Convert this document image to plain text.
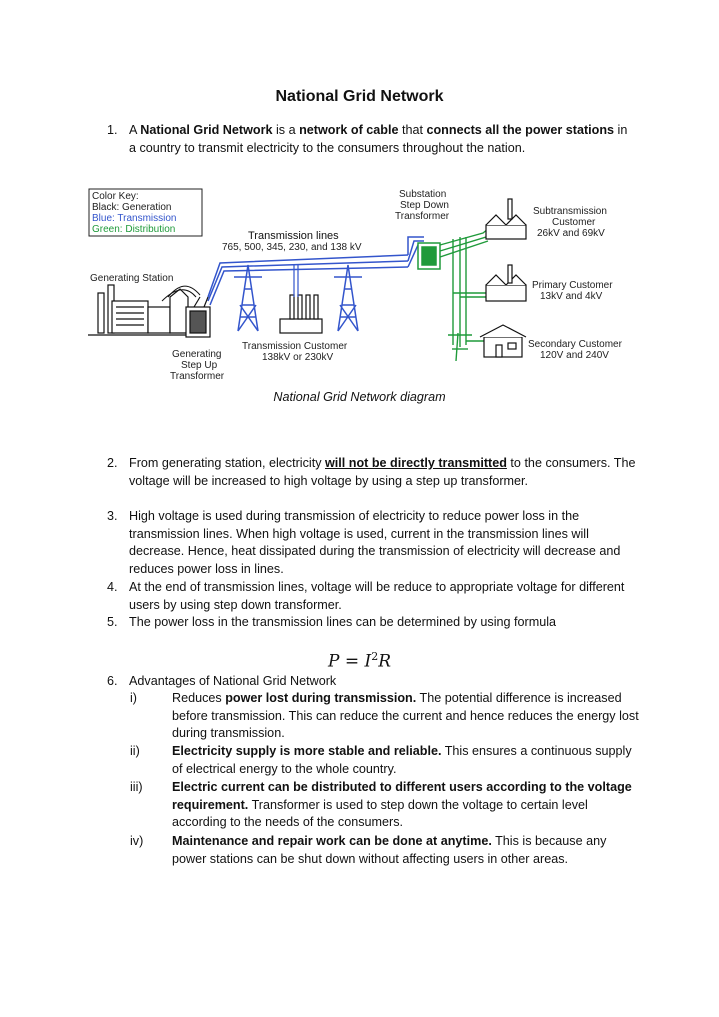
National Grid Network
1. A National Grid Network is a network of cable that connects all the power stations in a country to transmit electricity to the consumers throughout the nation.
Color Key:
Black: Generation
Blue: Transmission
Green: Distribution
Generating Station
Generating
Step Up
Transformer
Transmission lines
765, 500, 345, 230, and 138 kV
Transmission Customer
138kV or 230kV
Substation
Step Down
Transformer	Subtransmission
Customer
26kV and 69kV
Primary Customer
13kV and 4kV
Secondary Customer
120V and 240V
National Grid Network diagram
2. From generating station, electricity will not be directly transmitted to the consumers. The voltage will be increased to high voltage by using a step up transformer.
3. High voltage is used during transmission of electricity to reduce power loss in the transmission lines. When high voltage is used, current in the transmission lines will decrease. Hence, heat dissipated during the transmission of electricity will decrease and reduces power loss in lines.
4. At the end of transmission lines, voltage will be reduce to appropriate voltage for different users by using step down transformer.
5. The power loss in the transmission lines can be determined by using formula
$P = I^2R$
6. Advantages of National Grid Network
i)	Reduces power lost during transmission. The potential difference is increased before transmission. This can reduce the current and hence reduces the energy lost during transmission.
ii)	Electricity supply is more stable and reliable. This ensures a continuous supply of electrical energy to the whole country.
iii) Electric current can be distributed to different users according to the voltage requirement. Transformer is used to step down the voltage to certain level according to the needs of the consumers.
iv) Maintenance and repair work can be done at anytime. This is because any power stations can be shut down without affecting users in other areas.
